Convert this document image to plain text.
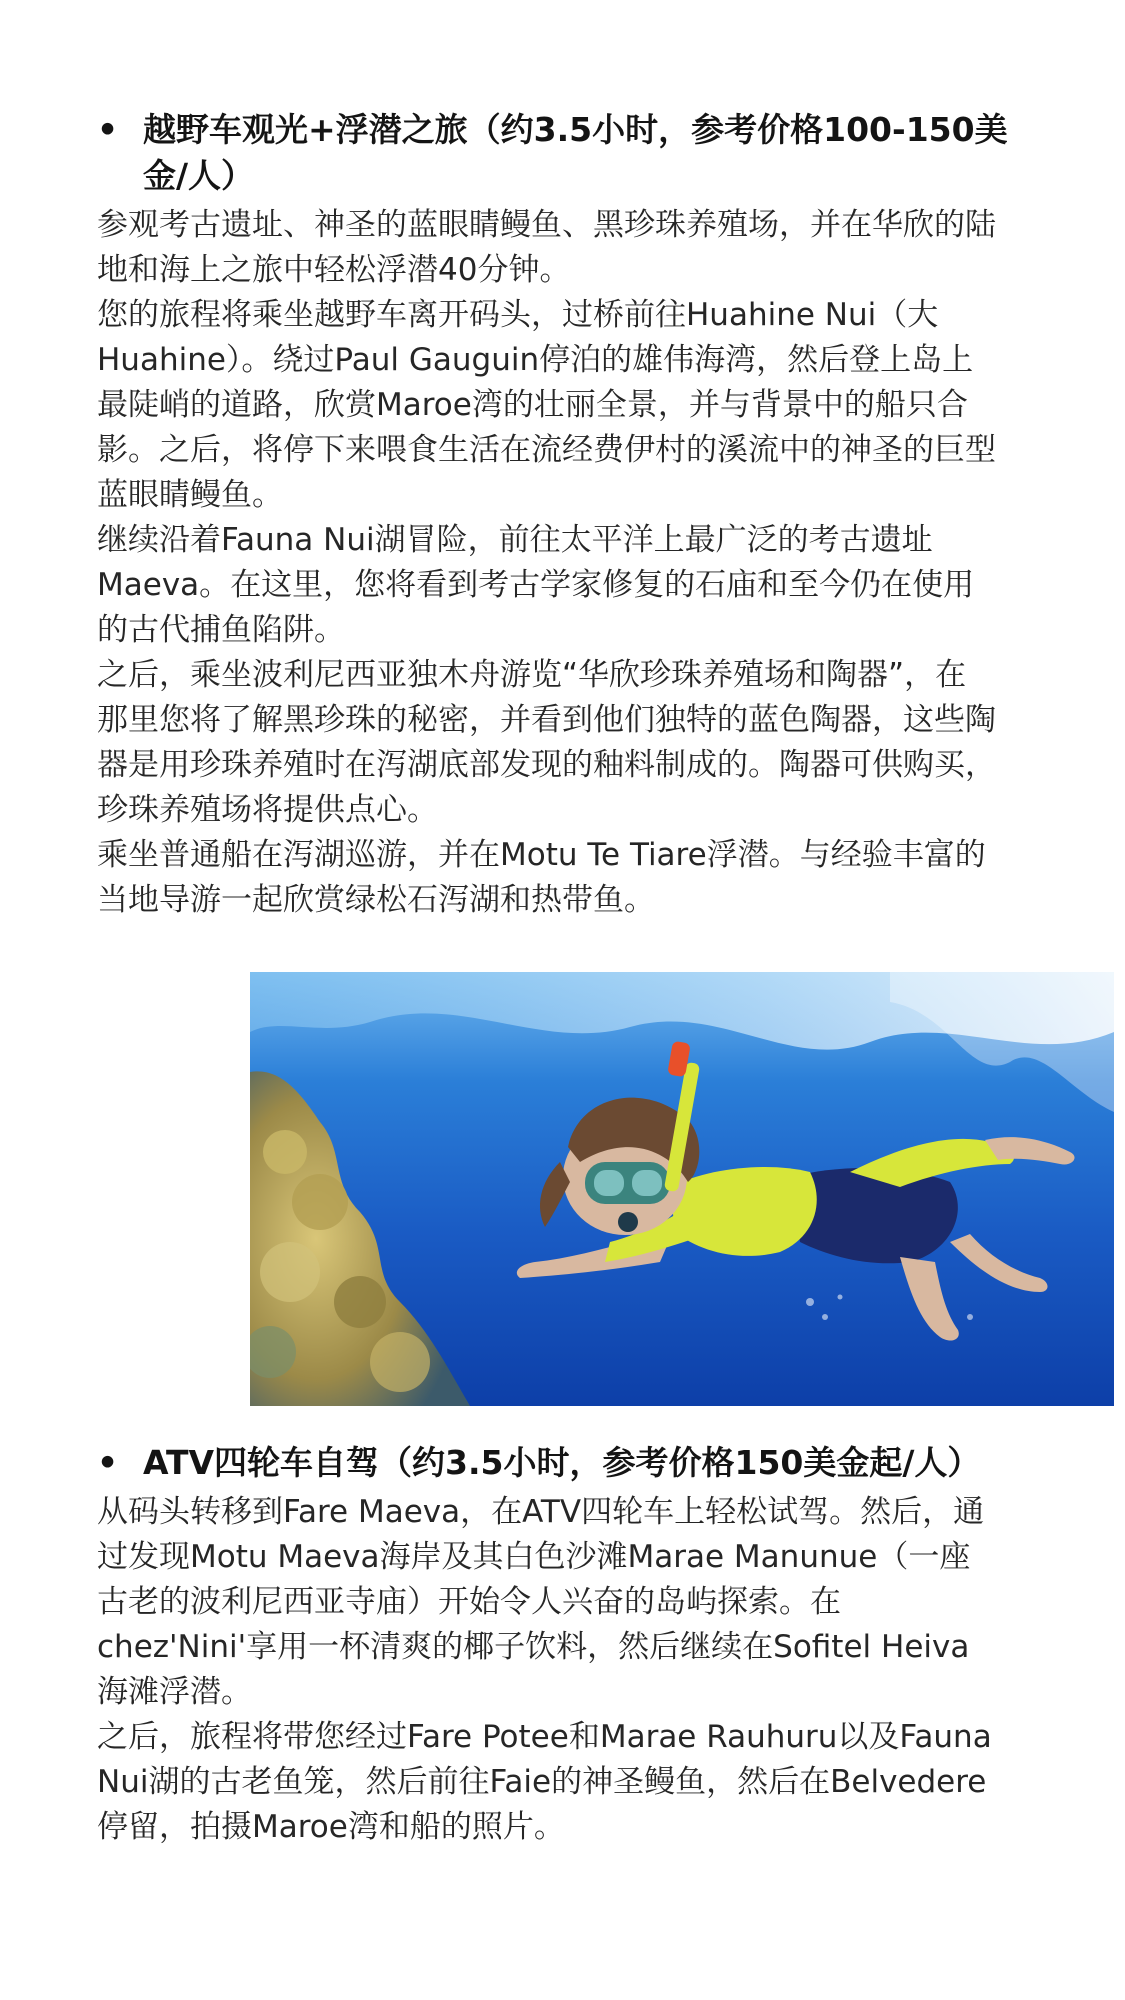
• 越野车观光+浮潜之旅（约3.5小时，参考价格100-150美金/人）

参观考古遗址、神圣的蓝眼睛鳗鱼、黑珍珠养殖场，并在华欣的陆地和海上之旅中轻松浮潜40分钟。

您的旅程将乘坐越野车离开码头，过桥前往Huahine Nui（大Huahine）。绕过Paul Gauguin停泊的雄伟海湾，然后登上岛上最陡峭的道路，欣赏Maroe湾的壮丽全景，并与背景中的船只合影。之后，将停下来喂食生活在流经费伊村的溪流中的神圣的巨型蓝眼睛鳗鱼。

继续沿着Fauna Nui湖冒险，前往太平洋上最广泛的考古遗址Maeva。在这里，您将看到考古学家修复的石庙和至今仍在使用的古代捕鱼陷阱。

之后，乘坐波利尼西亚独木舟游览“华欣珍珠养殖场和陶器”，在那里您将了解黑珍珠的秘密，并看到他们独特的蓝色陶器，这些陶器是用珍珠养殖时在泻湖底部发现的釉料制成的。陶器可供购买，珍珠养殖场将提供点心。

乘坐普通船在泻湖巡游，并在Motu Te Tiare浮潜。与经验丰富的当地导游一起欣赏绿松石泻湖和热带鱼。

• ATV四轮车自驾（约3.5小时，参考价格150美金起/人）

从码头转移到Fare Maeva，在ATV四轮车上轻松试驾。然后，通过发现Motu Maeva海岸及其白色沙滩Marae Manunue（一座古老的波利尼西亚寺庙）开始令人兴奋的岛屿探索。在chez'Nini'享用一杯清爽的椰子饮料，然后继续在Sofitel Heiva海滩浮潜。

之后，旅程将带您经过Fare Potee和Marae Rauhuru以及Fauna Nui湖的古老鱼笼，然后前往Faie的神圣鳗鱼，然后在Belvedere停留，拍摄Maroe湾和船的照片。
